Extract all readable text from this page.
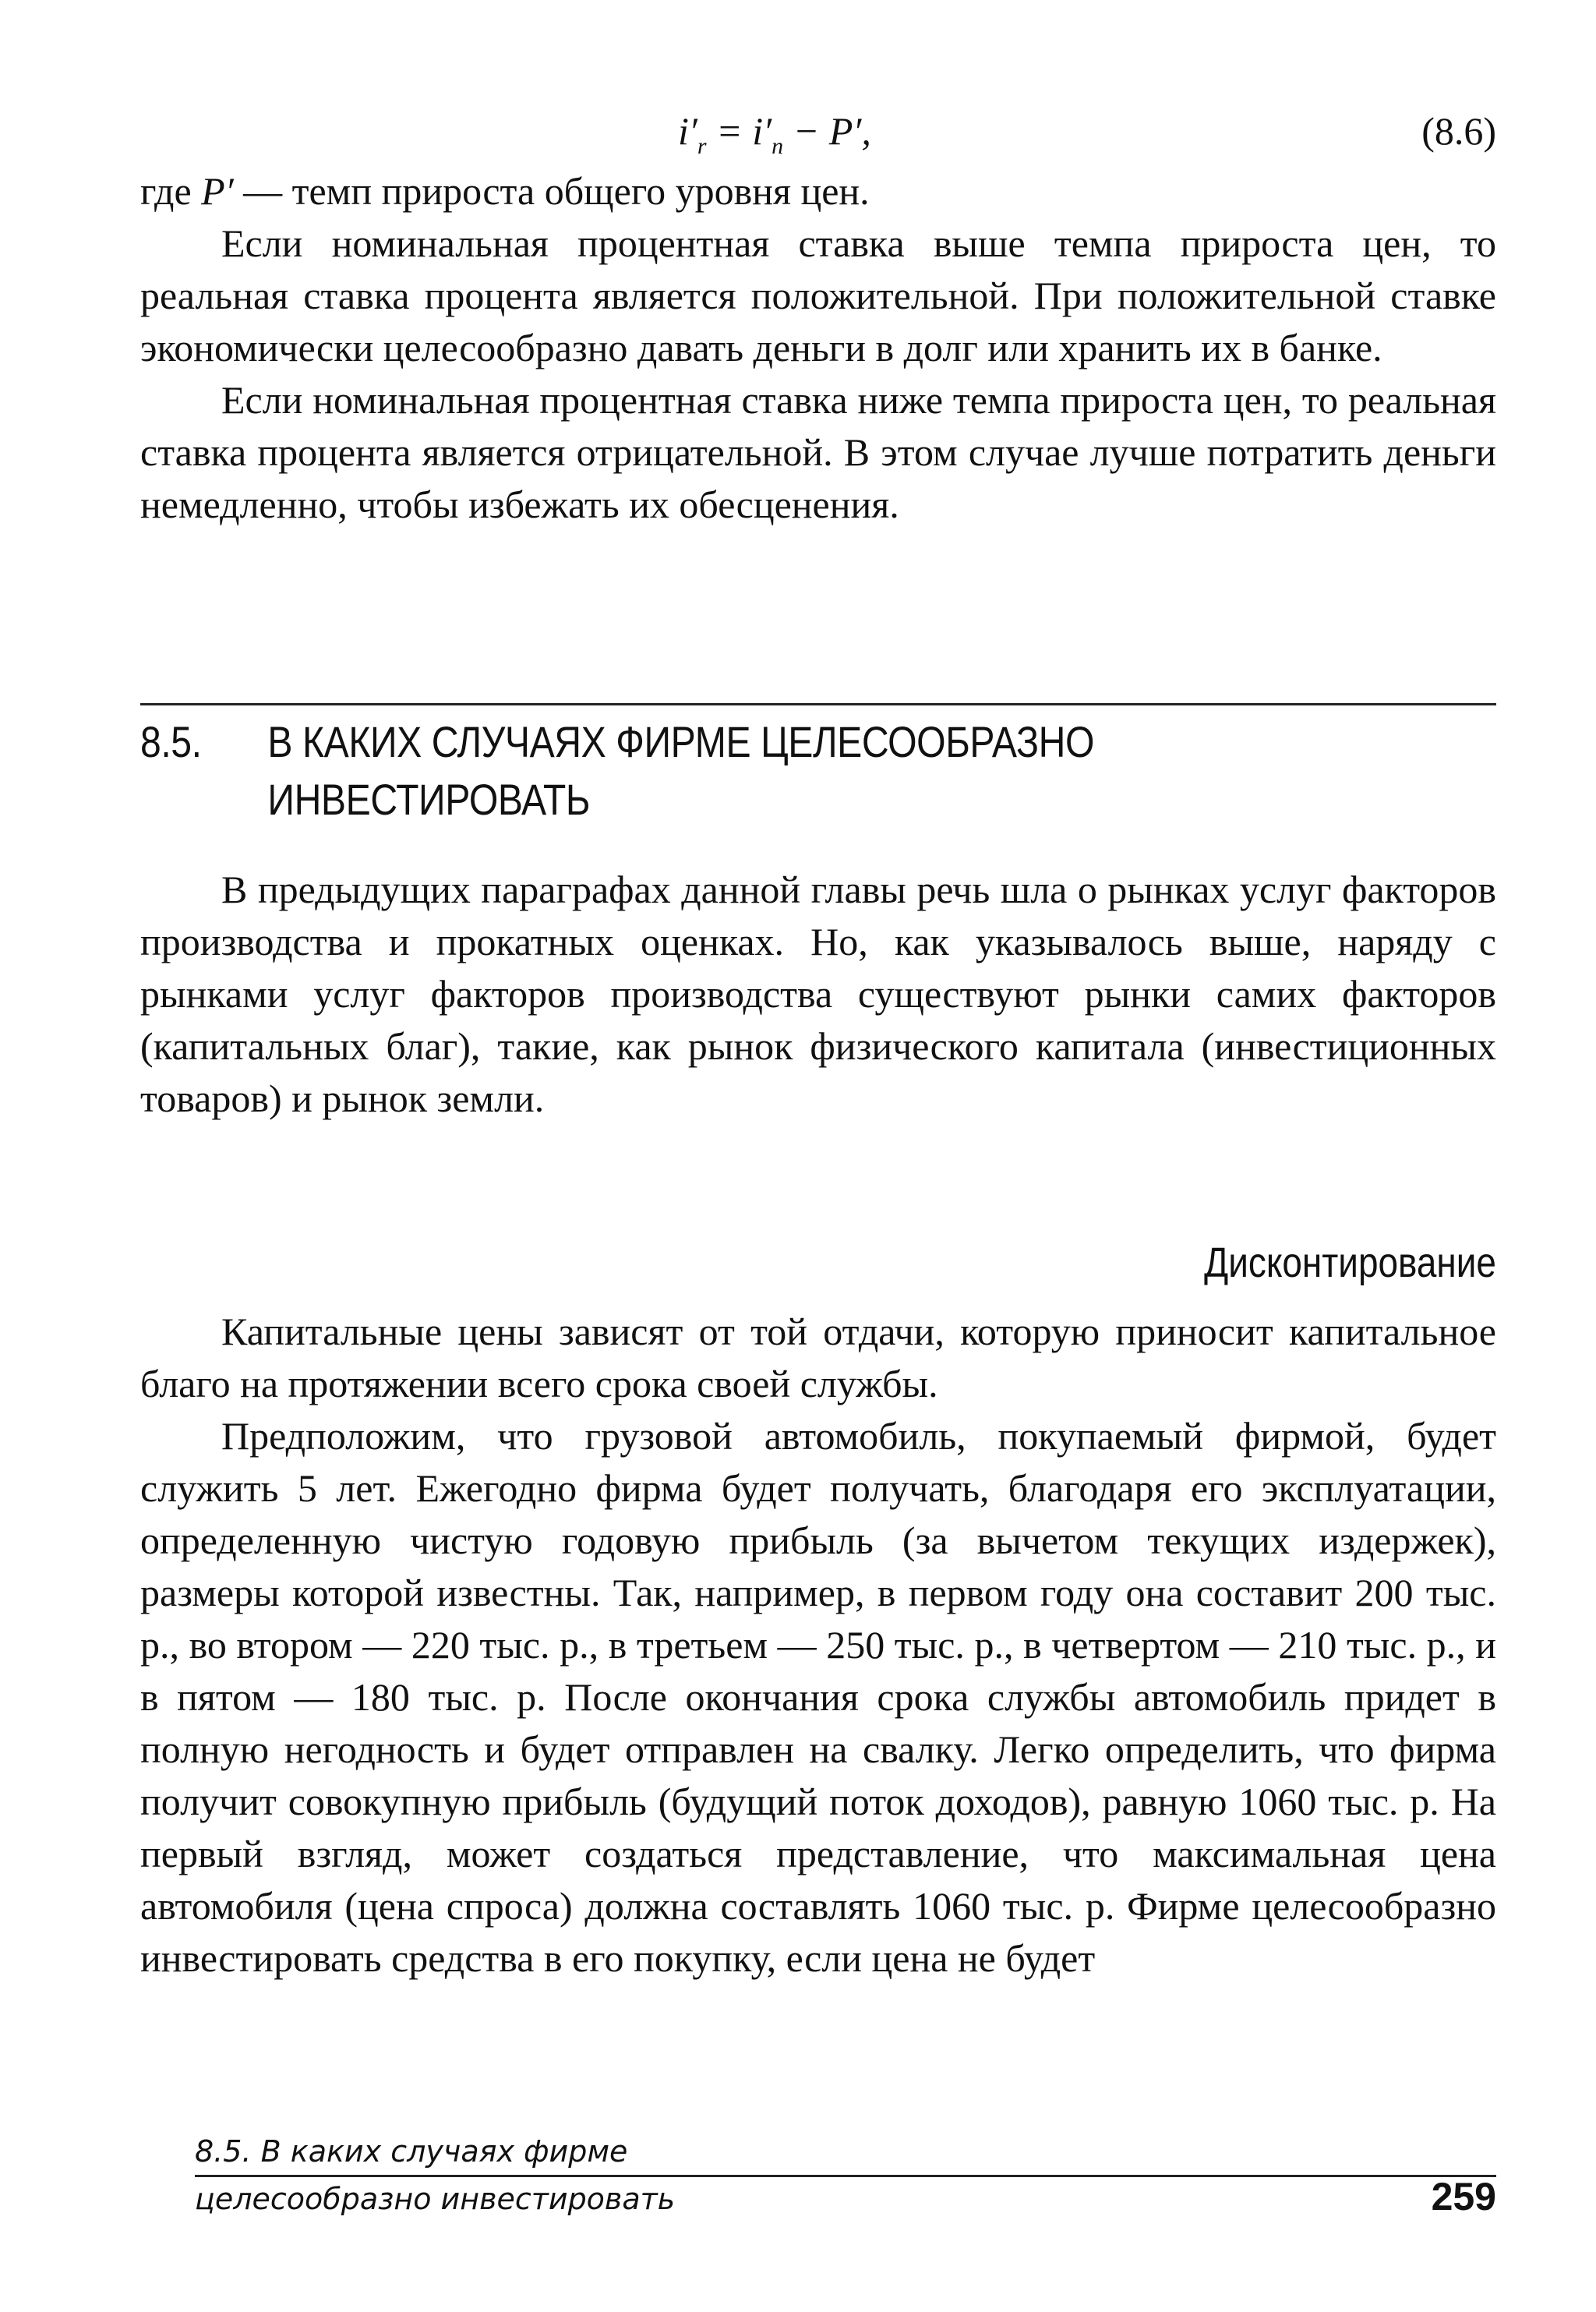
$i'_r = i'_n - P'$,	(8.6)
где P′ — темп прироста общего уровня цен.

Если номинальная процентная ставка выше темпа прироста цен, то реальная ставка процента является положительной. При положительной ставке экономически целесообразно давать деньги в долг или хранить их в банке.

Если номинальная процентная ставка ниже темпа прироста цен, то реальная ставка процента является отрицательной. В этом случае лучше потратить деньги немедленно, чтобы избежать их обесценения.

8.5. В КАКИХ СЛУЧАЯХ ФИРМЕ ЦЕЛЕСООБРАЗНО
ИНВЕСТИРОВАТЬ

В предыдущих параграфах данной главы речь шла о рынках услуг факторов производства и прокатных оценках. Но, как указывалось выше, наряду с рынками услуг факторов производства существуют рынки самих факторов (капитальных благ), такие, как рынок физического капитала (инвестиционных товаров) и рынок земли.

Дисконтирование

Капитальные цены зависят от той отдачи, которую приносит капитальное благо на протяжении всего срока своей службы.

Предположим, что грузовой автомобиль, покупаемый фирмой, будет служить 5 лет. Ежегодно фирма будет получать, благодаря его эксплуатации, определенную чистую годовую прибыль (за вычетом текущих издержек), размеры которой известны. Так, например, в первом году она составит 200 тыс. р., во втором — 220 тыс. р., в третьем — 250 тыс. р., в четвертом — 210 тыс. р., и в пятом — 180 тыс. р. После окончания срока службы автомобиль придет в полную негодность и будет отправлен на свалку. Легко определить, что фирма получит совокупную прибыль (будущий поток доходов), равную 1060 тыс. р. На первый взгляд, может создаться представление, что максимальная цена автомобиля (цена спроса) должна составлять 1060 тыс. р. Фирме целесообразно инвестировать средства в его покупку, если цена не будет

8.5. В каких случаях фирме
целесообразно инвестировать	259
